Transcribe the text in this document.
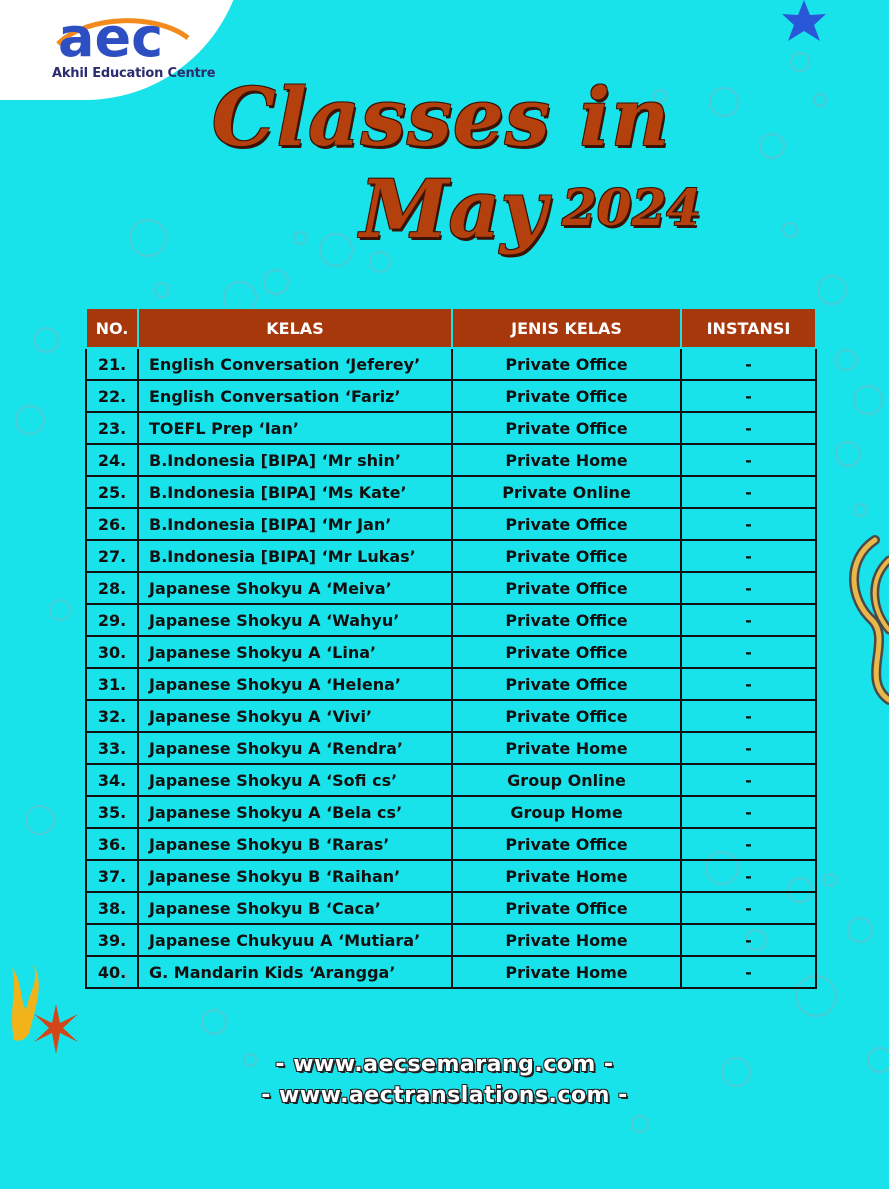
aec
Akhil Education Centre
Classes in
May 2024
NO.	KELAS	JENIS KELAS	INSTANSI
21.	English Conversation ‘Jeferey’	Private Office	-
22.	English Conversation ‘Fariz’	Private Office	-
23.	TOEFL Prep ‘Ian’	Private Office	-
24.	B.Indonesia [BIPA] ‘Mr shin’	Private Home	-
25.	B.Indonesia [BIPA] ‘Ms Kate’	Private Online	-
26.	B.Indonesia [BIPA] ‘Mr Jan’	Private Office	-
27.	B.Indonesia [BIPA] ‘Mr Lukas’	Private Office	-
28.	Japanese Shokyu A ‘Meiva’	Private Office	-
29.	Japanese Shokyu A ‘Wahyu’	Private Office	-
30.	Japanese Shokyu A ‘Lina’	Private Office	-
31.	Japanese Shokyu A ‘Helena’	Private Office	-
32.	Japanese Shokyu A ‘Vivi’	Private Office	-
33.	Japanese Shokyu A ‘Rendra’	Private Home	-
34.	Japanese Shokyu A ‘Sofi cs’	Group Online	-
35.	Japanese Shokyu A ‘Bela cs’	Group Home	-
36.	Japanese Shokyu B ‘Raras’	Private Office	-
37.	Japanese Shokyu B ‘Raihan’	Private Home	-
38.	Japanese Shokyu B ‘Caca’	Private Office	-
39.	Japanese Chukyuu A ‘Mutiara’	Private Home	-
40.	G. Mandarin Kids ‘Arangga’	Private Home	-
- www.aecsemarang.com -
- www.aectranslations.com -
